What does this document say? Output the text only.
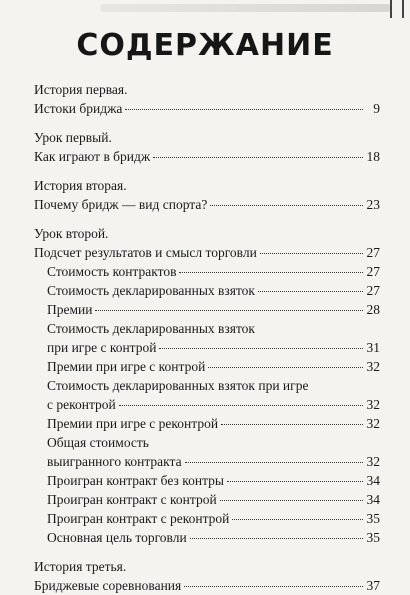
СОДЕРЖАНИЕ
История первая.
Истоки бриджа	9
Урок первый.
Как играют в бридж	18
История вторая.
Почему бридж — вид спорта?	23
Урок второй.
Подсчет результатов и смысл торговли	27
Стоимость контрактов	27
Стоимость декларированных взяток	27
Премии	28
Стоимость декларированных взяток
при игре с контрой	31
Премии при игре с контрой	32
Стоимость декларированных взяток при игре
с реконтрой	32
Премии при игре с реконтрой	32
Общая стоимость
выигранного контракта	32
Проигран контракт без контры	34
Проигран контракт с контрой	34
Проигран контракт с реконтрой	35
Основная цель торговли	35
История третья.
Бриджевые соревнования	37
